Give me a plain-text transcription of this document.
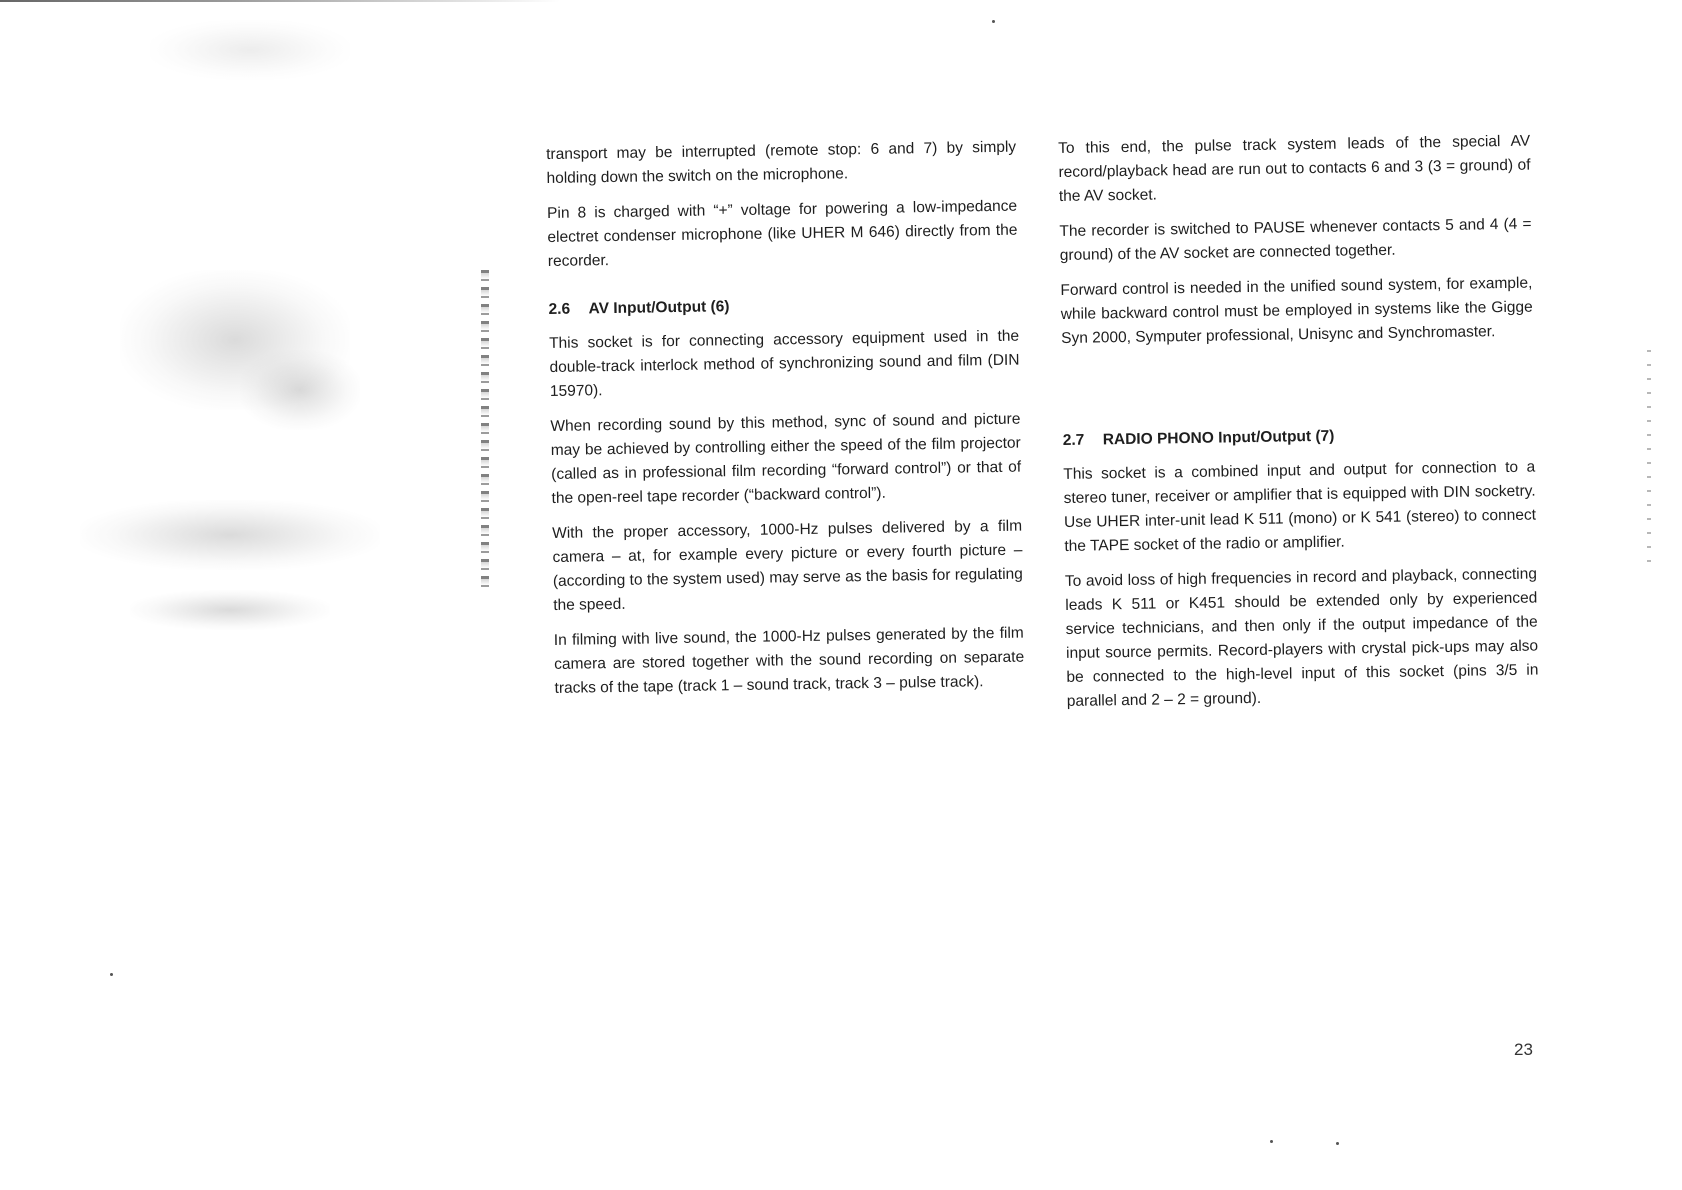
transport may be interrupted (remote stop: 6 and 7) by simply holding down the switch on the microphone.

Pin 8 is charged with “+” voltage for powering a low-impedance electret condenser microphone (like UHER M 646) directly from the recorder.

2.6 AV Input/Output (6)

This socket is for connecting accessory equipment used in the double-track interlock method of synchronizing sound and film (DIN 15970).

When recording sound by this method, sync of sound and picture may be achieved by controlling either the speed of the film projector (called as in professional film recording “forward control”) or that of the open-reel tape recorder (“backward control”).

With the proper accessory, 1000-Hz pulses delivered by a film camera – at, for example every picture or every fourth picture – (according to the system used) may serve as the basis for regulating the speed.

In filming with live sound, the 1000-Hz pulses generated by the film camera are stored together with the sound recording on separate tracks of the tape (track 1 – sound track, track 3 – pulse track).

To this end, the pulse track system leads of the special AV record/playback head are run out to contacts 6 and 3 (3 = ground) of the AV socket.

The recorder is switched to PAUSE whenever contacts 5 and 4 (4 = ground) of the AV socket are connected together.

Forward control is needed in the unified sound system, for example, while backward control must be employed in systems like the Gigge Syn 2000, Symputer professional, Unisync and Synchromaster.

2.7 RADIO PHONO Input/Output (7)

This socket is a combined input and output for connection to a stereo tuner, receiver or amplifier that is equipped with DIN socketry. Use UHER inter-unit lead K 511 (mono) or K 541 (stereo) to connect the TAPE socket of the radio or amplifier.

To avoid loss of high frequencies in record and playback, connecting leads K 511 or K451 should be extended only by experienced service technicians, and then only if the output impedance of the input source permits. Record-players with crystal pick-ups may also be connected to the high-level input of this socket (pins 3/5 in parallel and 2 – 2 = ground).

23
